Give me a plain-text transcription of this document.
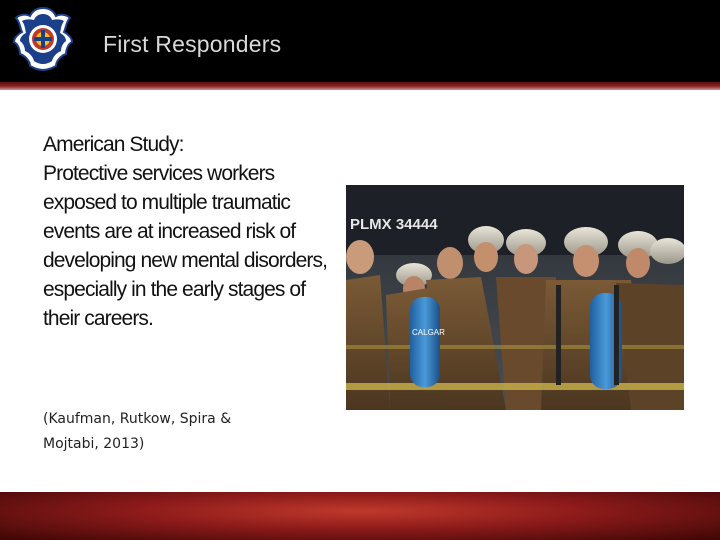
First Responders

American Study:

Protective services workers exposed to multiple traumatic events are at increased risk of developing new mental disorders, especially in the early stages of their careers.

(Kaufman, Rutkow, Spira & Mojtabi, 2013)
PLMX 34444
CALGAR
